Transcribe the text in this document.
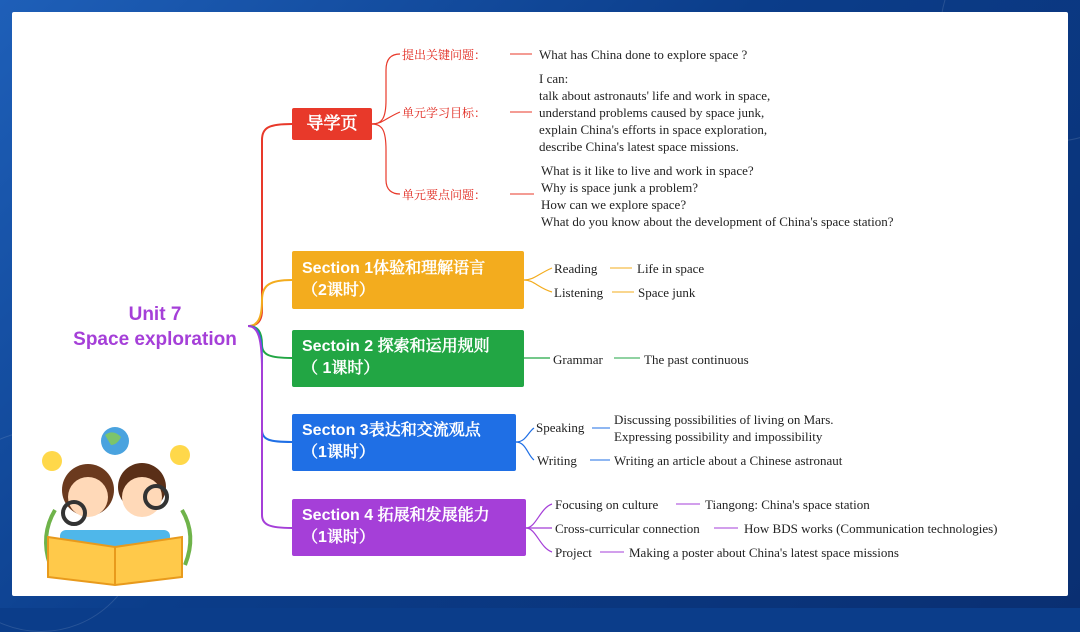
Unit 7
Space exploration
导学页
提出关键问题：	What has China done to explore space ?
单元学习目标：
I can:
talk about astronauts' life and work in space,
understand problems caused by space junk,
explain China's efforts in space exploration,
describe China's latest space missions.
单元要点问题：
What is it like to live and work in space?
Why is space junk a problem?
How can we explore space?
What do you know about the development of China's space station?
Section 1体验和理解语言
（2课时）
Reading	Life in space
Listening	Space junk
Sectoin 2 探索和运用规则
（ 1课时）
Grammar	The past continuous
Secton 3表达和交流观点
（1课时）
Speaking
Discussing possibilities of living on Mars.
Expressing possibility and impossibility
Writing	Writing an article about a Chinese astronaut
Section 4 拓展和发展能力
（1课时）
Focusing on culture	Tiangong: China's space station
Cross-curricular connection	How BDS works (Communication technologies)
Project	Making a poster about China's latest space missions
